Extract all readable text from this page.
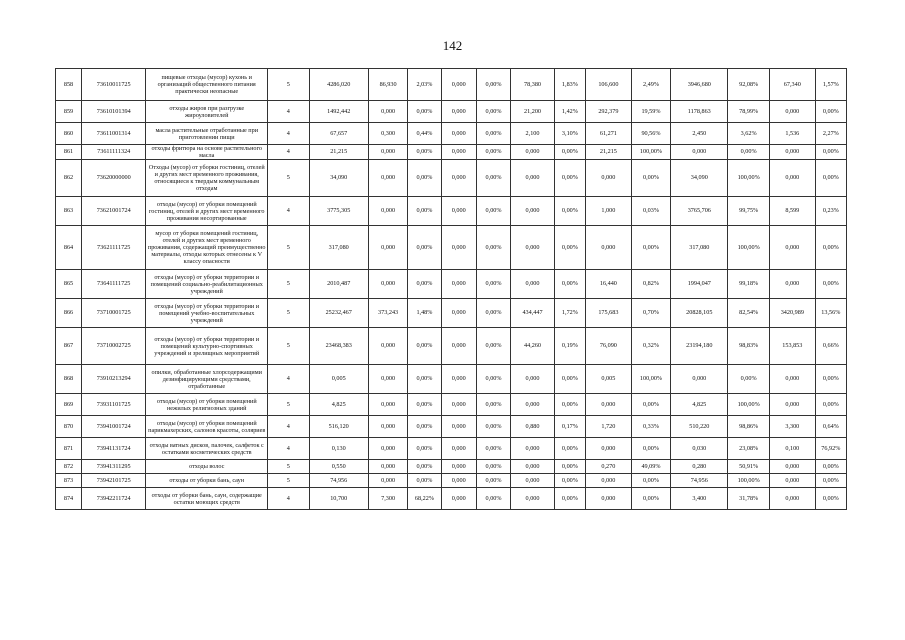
142
858	73610011725	пищевые отходы (мусор) кухонь и организаций общественного питания практически неопасные	5	4286,020	86,930	2,03%	0,000	0,00%	78,380	1,83%	106,600	2,49%	3946,680	92,08%	67,340	1,57%
859	73610101394	отходы жиров при разгрузке жироуловителей	4	1492,442	0,000	0,00%	0,000	0,00%	21,200	1,42%	292,379	19,59%	1178,863	78,99%	0,000	0,00%
860	73611001314	масла растительные отработанные при приготовлении пищи	4	67,657	0,300	0,44%	0,000	0,00%	2,100	3,10%	61,271	90,56%	2,450	3,62%	1,536	2,27%
861	73611111324	отходы фритюра на основе растительного масла	4	21,215	0,000	0,00%	0,000	0,00%	0,000	0,00%	21,215	100,00%	0,000	0,00%	0,000	0,00%
862	73620000000	Отходы (мусор) от уборки гостиниц, отелей и других мест временного проживания, относящиеся к твердым коммунальным отходам	5	34,090	0,000	0,00%	0,000	0,00%	0,000	0,00%	0,000	0,00%	34,090	100,00%	0,000	0,00%
863	73621001724	отходы (мусор) от уборки помещений гостиниц, отелей и других мест временного проживания несортированные	4	3775,305	0,000	0,00%	0,000	0,00%	0,000	0,00%	1,000	0,03%	3765,706	99,75%	8,599	0,23%
864	73621111725	мусор от уборки помещений гостиниц, отелей и других мест временного проживания, содержащий преимущественно материалы, отходы которых отнесены к V классу опасности	5	317,080	0,000	0,00%	0,000	0,00%	0,000	0,00%	0,000	0,00%	317,080	100,00%	0,000	0,00%
865	73641111725	отходы (мусор) от уборки территории и помещений социально-реабилитационных учреждений	5	2010,487	0,000	0,00%	0,000	0,00%	0,000	0,00%	16,440	0,82%	1994,047	99,18%	0,000	0,00%
866	73710001725	отходы (мусор) от уборки территории и помещений учебно-воспитательных учреждений	5	25232,467	373,243	1,48%	0,000	0,00%	434,447	1,72%	175,683	0,70%	20828,105	82,54%	3420,989	13,56%
867	73710002725	отходы (мусор) от уборки территории и помещений культурно-спортивных учреждений и зрелищных мероприятий	5	23468,383	0,000	0,00%	0,000	0,00%	44,260	0,19%	76,090	0,32%	23194,180	98,83%	153,853	0,66%
868	73910213294	опилки, обработанные хлорсодержащими дезинфицирующими средствами, отработанные	4	0,005	0,000	0,00%	0,000	0,00%	0,000	0,00%	0,005	100,00%	0,000	0,00%	0,000	0,00%
869	73931101725	отходы (мусор) от уборки помещений нежилых религиозных зданий	5	4,825	0,000	0,00%	0,000	0,00%	0,000	0,00%	0,000	0,00%	4,825	100,00%	0,000	0,00%
870	73941001724	отходы (мусор) от уборки помещений парикмахерских, салонов красоты, соляриев	4	516,120	0,000	0,00%	0,000	0,00%	0,880	0,17%	1,720	0,33%	510,220	98,86%	3,300	0,64%
871	73941131724	отходы ватных дисков, палочек, салфеток с остатками косметических средств	4	0,130	0,000	0,00%	0,000	0,00%	0,000	0,00%	0,000	0,00%	0,030	23,08%	0,100	76,92%
872	73941311295	отходы волос	5	0,550	0,000	0,00%	0,000	0,00%	0,000	0,00%	0,270	49,09%	0,280	50,91%	0,000	0,00%
873	73942101725	отходы от уборки бань, саун	5	74,956	0,000	0,00%	0,000	0,00%	0,000	0,00%	0,000	0,00%	74,956	100,00%	0,000	0,00%
874	73942211724	отходы от уборки бань, саун, содержащие остатки моющих средств	4	10,700	7,300	68,22%	0,000	0,00%	0,000	0,00%	0,000	0,00%	3,400	31,78%	0,000	0,00%
